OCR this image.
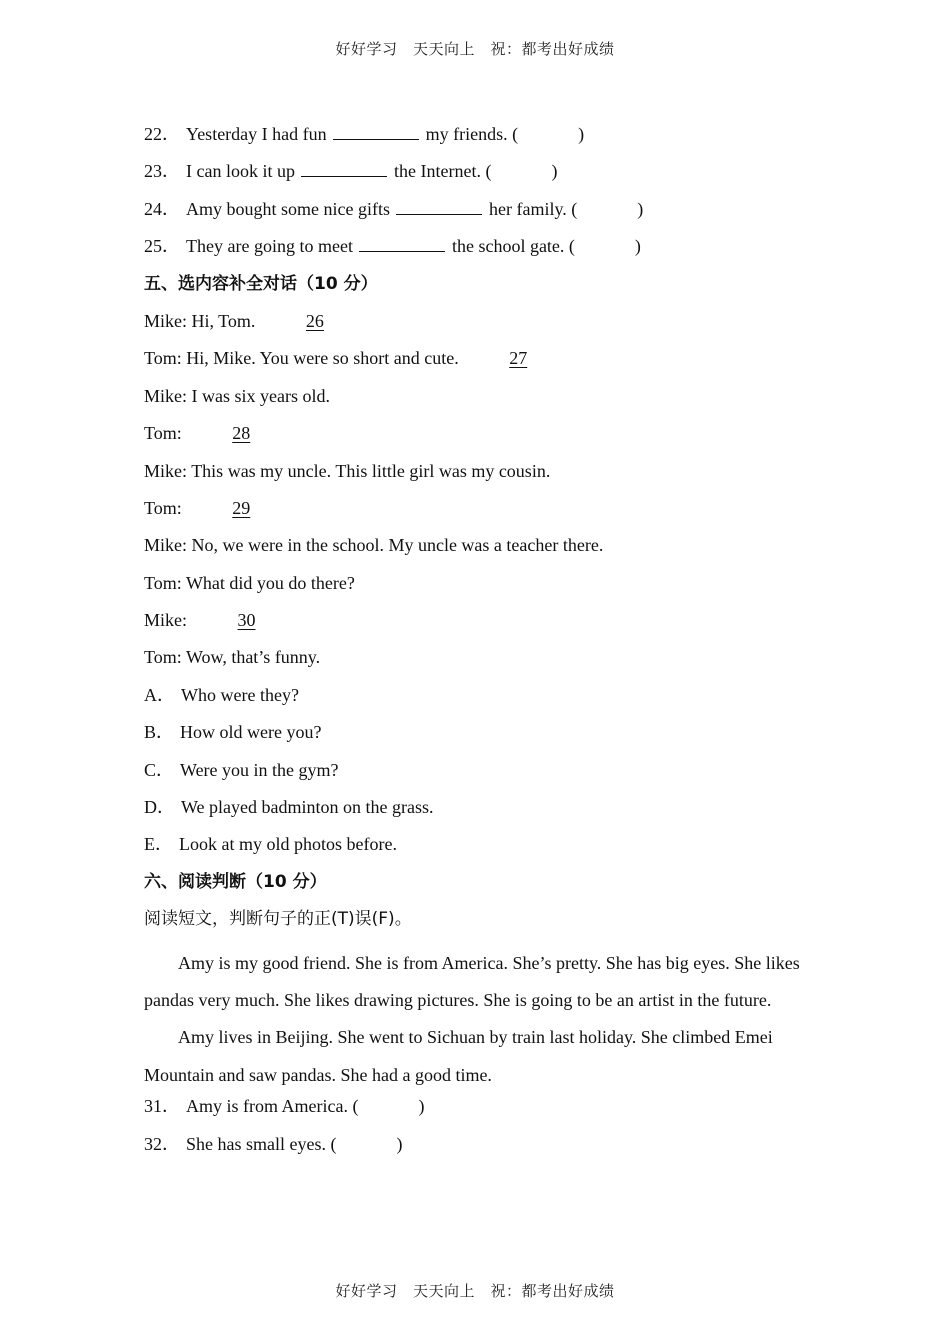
好好学习　天天向上　祝：都考出好成绩
22． Yesterday I had fun	my friends. (	)
23． I can look it up	the Internet. (	)
24． Amy bought some nice gifts	her family. (	)
25． They are going to meet	the school gate. (	)
五、选内容补全对话（10 分）
Mike: Hi, Tom.	26
Tom: Hi, Mike. You were so short and cute.	27
Mike: I was six years old.
Tom:	28
Mike: This was my uncle. This little girl was my cousin.
Tom:	29
Mike: No, we were in the school. My uncle was a teacher there.
Tom: What did you do there?
Mike:	30
Tom: Wow, that’s funny.
A． Who were they?
B． How old were you?
C． Were you in the gym?
D． We played badminton on the grass.
E． Look at my old photos before.
六、阅读判断（10 分）
阅读短文，判断句子的正(T)误(F)。

Amy is my good friend. She is from America. She’s pretty. She has big eyes. She likes pandas very much. She likes drawing pictures. She is going to be an artist in the future.

Amy lives in Beijing. She went to Sichuan by train last holiday. She climbed Emei Mountain and saw pandas. She had a good time.

31． Amy is from America. (	)
32． She has small eyes. (	)
好好学习　天天向上　祝：都考出好成绩
